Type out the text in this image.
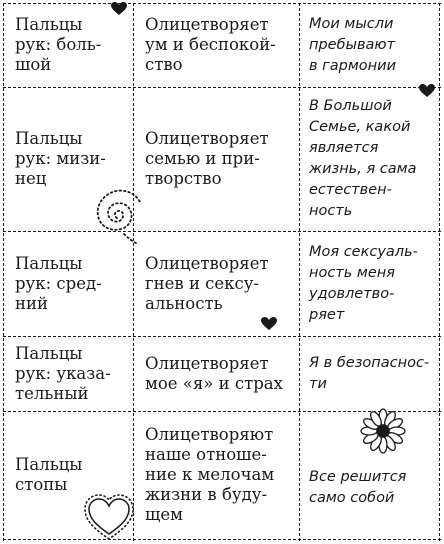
Пальцы
рук: боль-
шой
Олицетворяет
ум и беспокой-
ство
Мои мысли
пребывают
в гармонии
Пальцы
рук: мизи-
нец
Олицетворяет
семью и при-
творство
В Большой
Семье, какой
является
жизнь, я сама
естествен-
ность
Пальцы
рук: сред-
ний
Олицетворяет
гнев и сексу-
альность
Моя сексуаль-
ность меня
удовлетво-
ряет
Пальцы
рук: указа-
тельный
Олицетворяет
мое «я» и страх
Я в безопаснос-
ти
Пальцы
стопы
Олицетворяют
наше отноше-
ние к мелочам
жизни в буду-
щем
Все решится
само собой
